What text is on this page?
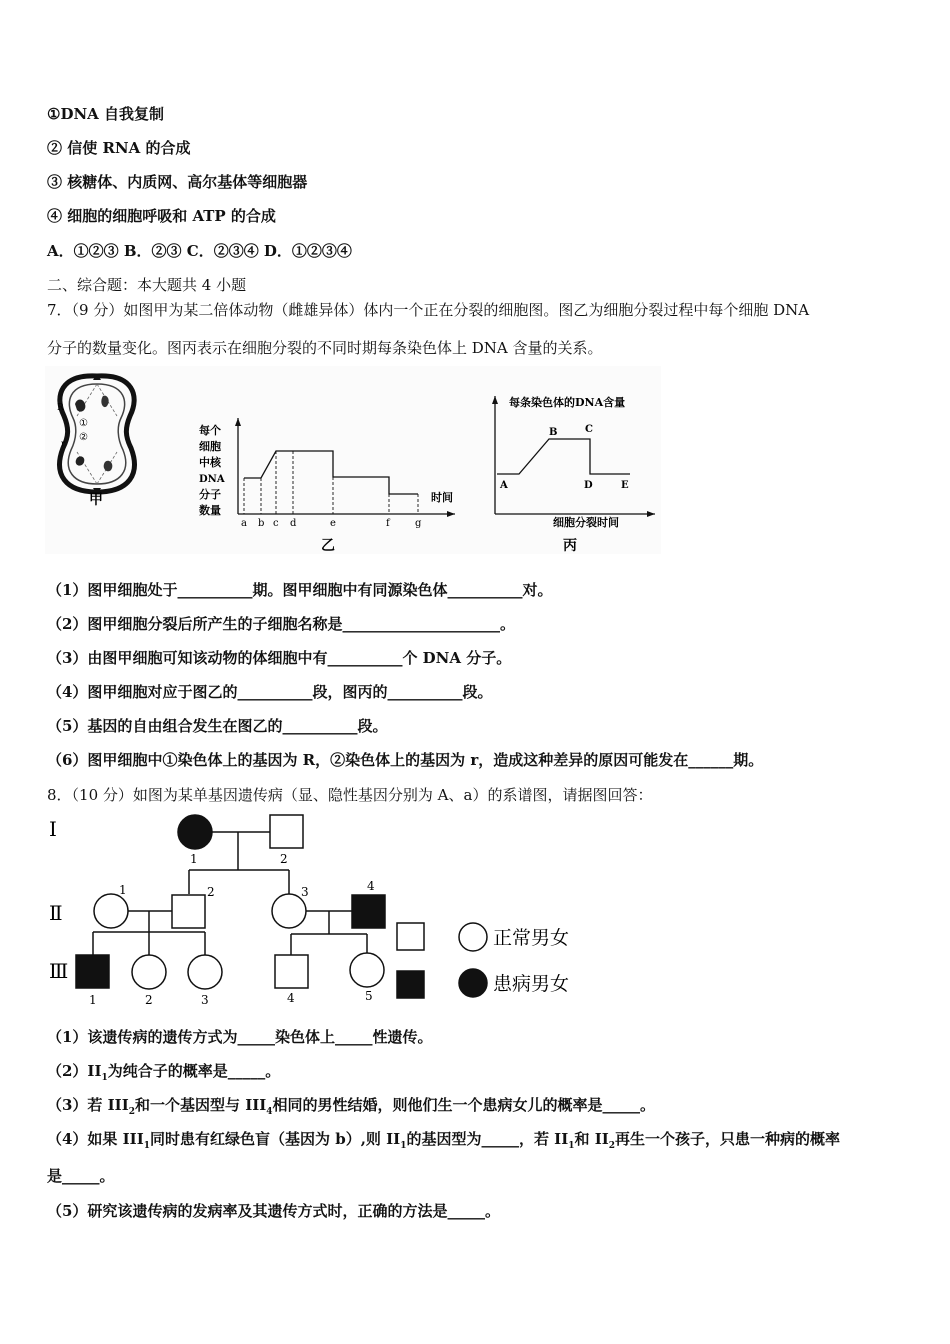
①DNA 自我复制
② 信使 RNA 的合成
③ 核糖体、内质网、高尔基体等细胞器
④ 细胞的细胞呼吸和 ATP 的合成
A．①②③ B．②③ C．②③④ D．①②③④
二、综合题：本大题共 4 小题
7．（9 分）如图甲为某二倍体动物（雌雄异体）体内一个正在分裂的细胞图。图乙为细胞分裂过程中每个细胞 DNA
分子的数量变化。图丙表示在细胞分裂的不同时期每条染色体上 DNA 含量的关系。
R
①
②
r
甲
每个
细胞
中核
DNA
分子
数量
时间
a b c d	e	f	g
乙
每条染色体的DNA含量
细胞分裂时间
A
B	C
D	E
丙
（1）图甲细胞处于__________期。图甲细胞中有同源染色体__________对。
（2）图甲细胞分裂后所产生的子细胞名称是_____________________。
（3）由图甲细胞可知该动物的体细胞中有__________个 DNA 分子。
（4）图甲细胞对应于图乙的__________段，图丙的__________段。
（5）基因的自由组合发生在图乙的__________段。
（6）图甲细胞中①染色体上的基因为 R，②染色体上的基因为 r，造成这种差异的原因可能发在______期。
8．（10 分）如图为某单基因遗传病（显、隐性基因分别为 A、a）的系谱图，请据图回答：
Ⅰ
Ⅱ
Ⅲ
1	2
1	2	3	4
1	2	3	4	5
正常男女
患病男女
（1）该遗传病的遗传方式为_____染色体上_____性遗传。
$(2)II_1$为纯合子的概率是_____。
（3）若 $III_2$和一个基因型与 $III_4$相同的男性结婚，则他们生一个患病女儿的概率是_____。
（4）如果 $III_1$同时患有红绿色盲（基因为 b）,则 $II_1$的基因型为_____，若 $II_1$和 $II_2$再生一个孩子，只患一种病的概率
是_____。
（5）研究该遗传病的发病率及其遗传方式时，正确的方法是_____。
